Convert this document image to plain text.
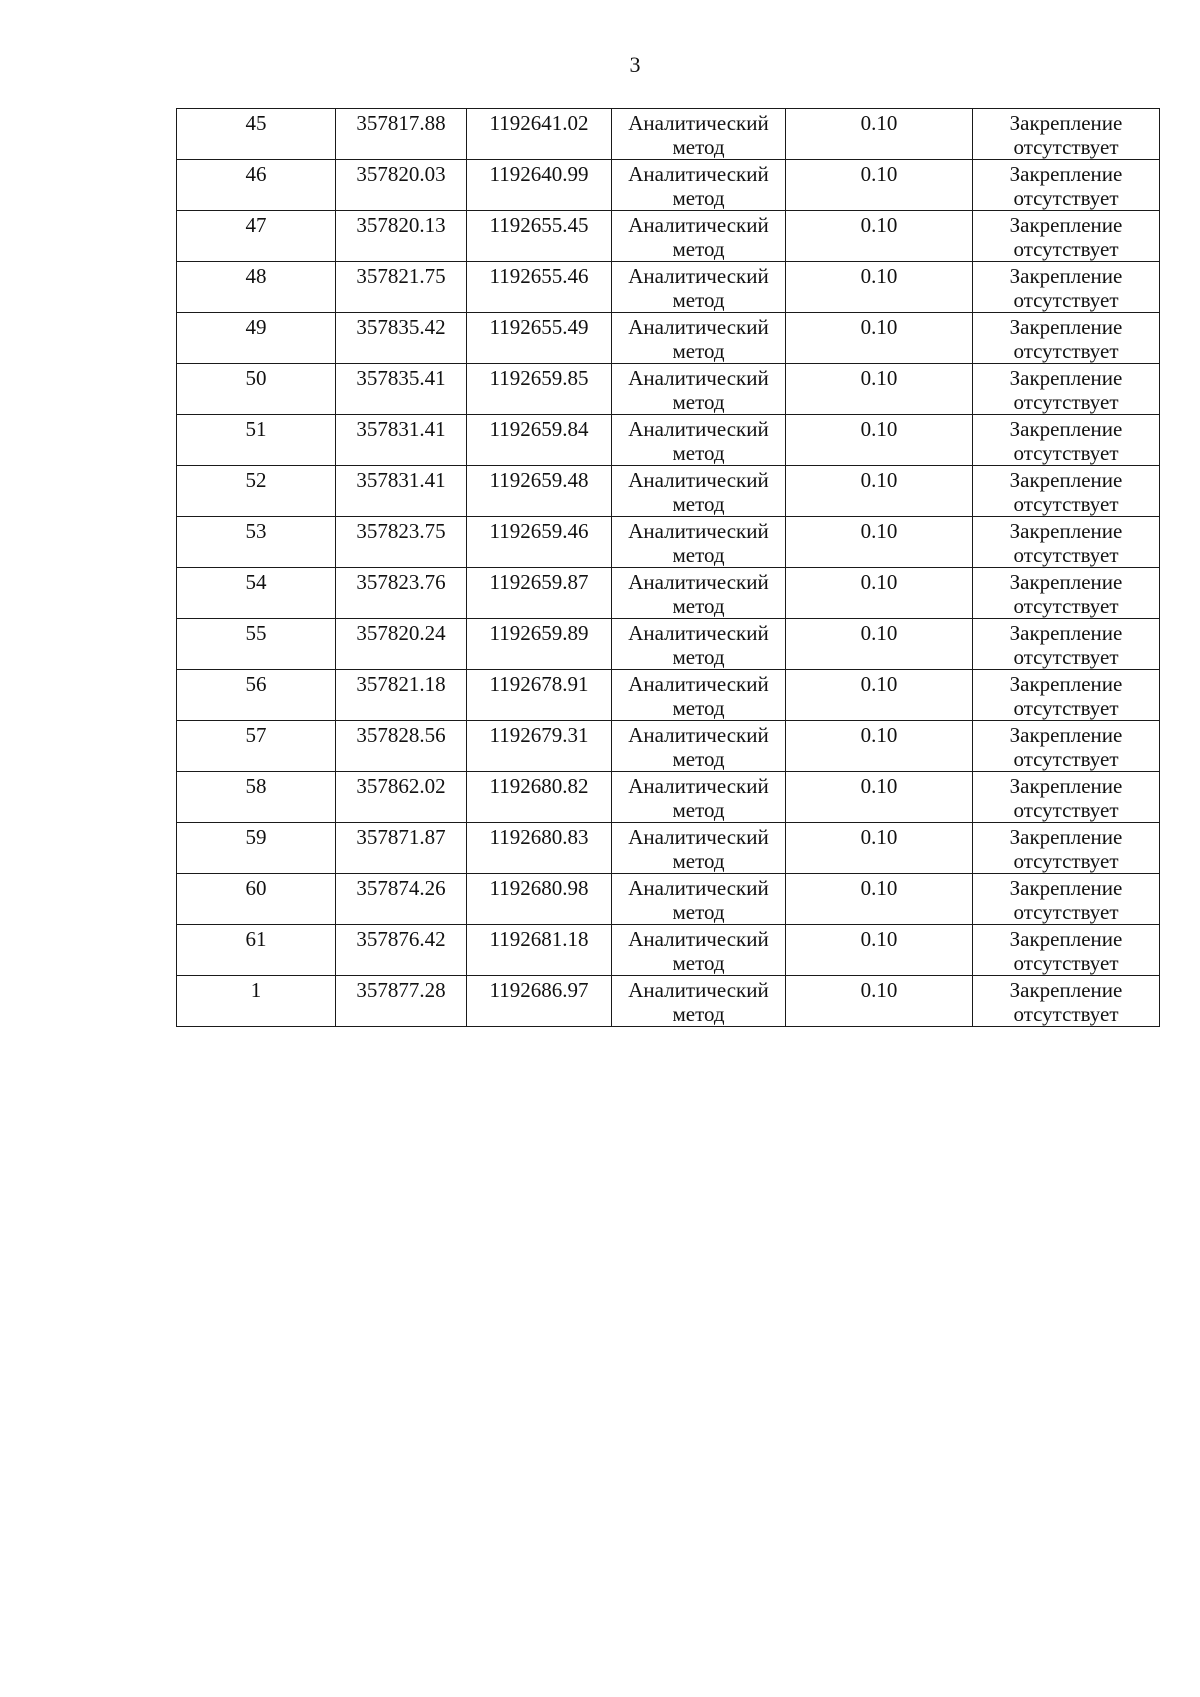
3
45	357817.88	1192641.02	Аналитический метод	0.10	Закрепление отсутствует
46	357820.03	1192640.99	Аналитический метод	0.10	Закрепление отсутствует
47	357820.13	1192655.45	Аналитический метод	0.10	Закрепление отсутствует
48	357821.75	1192655.46	Аналитический метод	0.10	Закрепление отсутствует
49	357835.42	1192655.49	Аналитический метод	0.10	Закрепление отсутствует
50	357835.41	1192659.85	Аналитический метод	0.10	Закрепление отсутствует
51	357831.41	1192659.84	Аналитический метод	0.10	Закрепление отсутствует
52	357831.41	1192659.48	Аналитический метод	0.10	Закрепление отсутствует
53	357823.75	1192659.46	Аналитический метод	0.10	Закрепление отсутствует
54	357823.76	1192659.87	Аналитический метод	0.10	Закрепление отсутствует
55	357820.24	1192659.89	Аналитический метод	0.10	Закрепление отсутствует
56	357821.18	1192678.91	Аналитический метод	0.10	Закрепление отсутствует
57	357828.56	1192679.31	Аналитический метод	0.10	Закрепление отсутствует
58	357862.02	1192680.82	Аналитический метод	0.10	Закрепление отсутствует
59	357871.87	1192680.83	Аналитический метод	0.10	Закрепление отсутствует
60	357874.26	1192680.98	Аналитический метод	0.10	Закрепление отсутствует
61	357876.42	1192681.18	Аналитический метод	0.10	Закрепление отсутствует
1	357877.28	1192686.97	Аналитический метод	0.10	Закрепление отсутствует
